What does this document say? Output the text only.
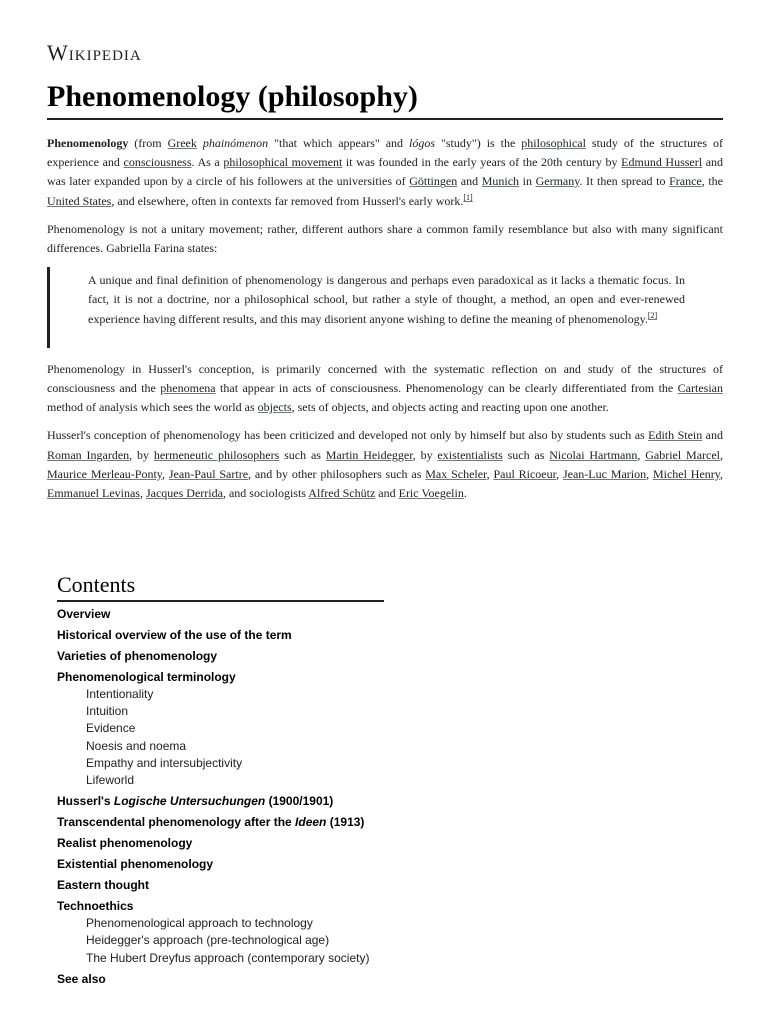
Wikipedia
Phenomenology (philosophy)

Phenomenology (from Greek phainómenon "that which appears" and lógos "study") is the philosophical study of the structures of experience and consciousness. As a philosophical movement it was founded in the early years of the 20th century by Edmund Husserl and was later expanded upon by a circle of his followers at the universities of Göttingen and Munich in Germany. It then spread to France, the United States, and elsewhere, often in contexts far removed from Husserl's early work.[1]

Phenomenology is not a unitary movement; rather, different authors share a common family resemblance but also with many significant differences. Gabriella Farina states:

A unique and final definition of phenomenology is dangerous and perhaps even paradoxical as it lacks a thematic focus. In fact, it is not a doctrine, nor a philosophical school, but rather a style of thought, a method, an open and ever-renewed experience having different results, and this may disorient anyone wishing to define the meaning of phenomenology.[2]

Phenomenology in Husserl's conception, is primarily concerned with the systematic reflection on and study of the structures of consciousness and the phenomena that appear in acts of consciousness. Phenomenology can be clearly differentiated from the Cartesian method of analysis which sees the world as objects, sets of objects, and objects acting and reacting upon one another.

Husserl's conception of phenomenology has been criticized and developed not only by himself but also by students such as Edith Stein and Roman Ingarden, by hermeneutic philosophers such as Martin Heidegger, by existentialists such as Nicolai Hartmann, Gabriel Marcel, Maurice Merleau-Ponty, Jean-Paul Sartre, and by other philosophers such as Max Scheler, Paul Ricoeur, Jean-Luc Marion, Michel Henry, Emmanuel Levinas, Jacques Derrida, and sociologists Alfred Schütz and Eric Voegelin.

Contents
Overview
Historical overview of the use of the term
Varieties of phenomenology
Phenomenological terminology
Intentionality
Intuition
Evidence
Noesis and noema
Empathy and intersubjectivity
Lifeworld
Husserl's Logische Untersuchungen (1900/1901)
Transcendental phenomenology after the Ideen (1913)
Realist phenomenology
Existential phenomenology
Eastern thought
Technoethics
Phenomenological approach to technology
Heidegger's approach (pre-technological age)
The Hubert Dreyfus approach (contemporary society)
See also
